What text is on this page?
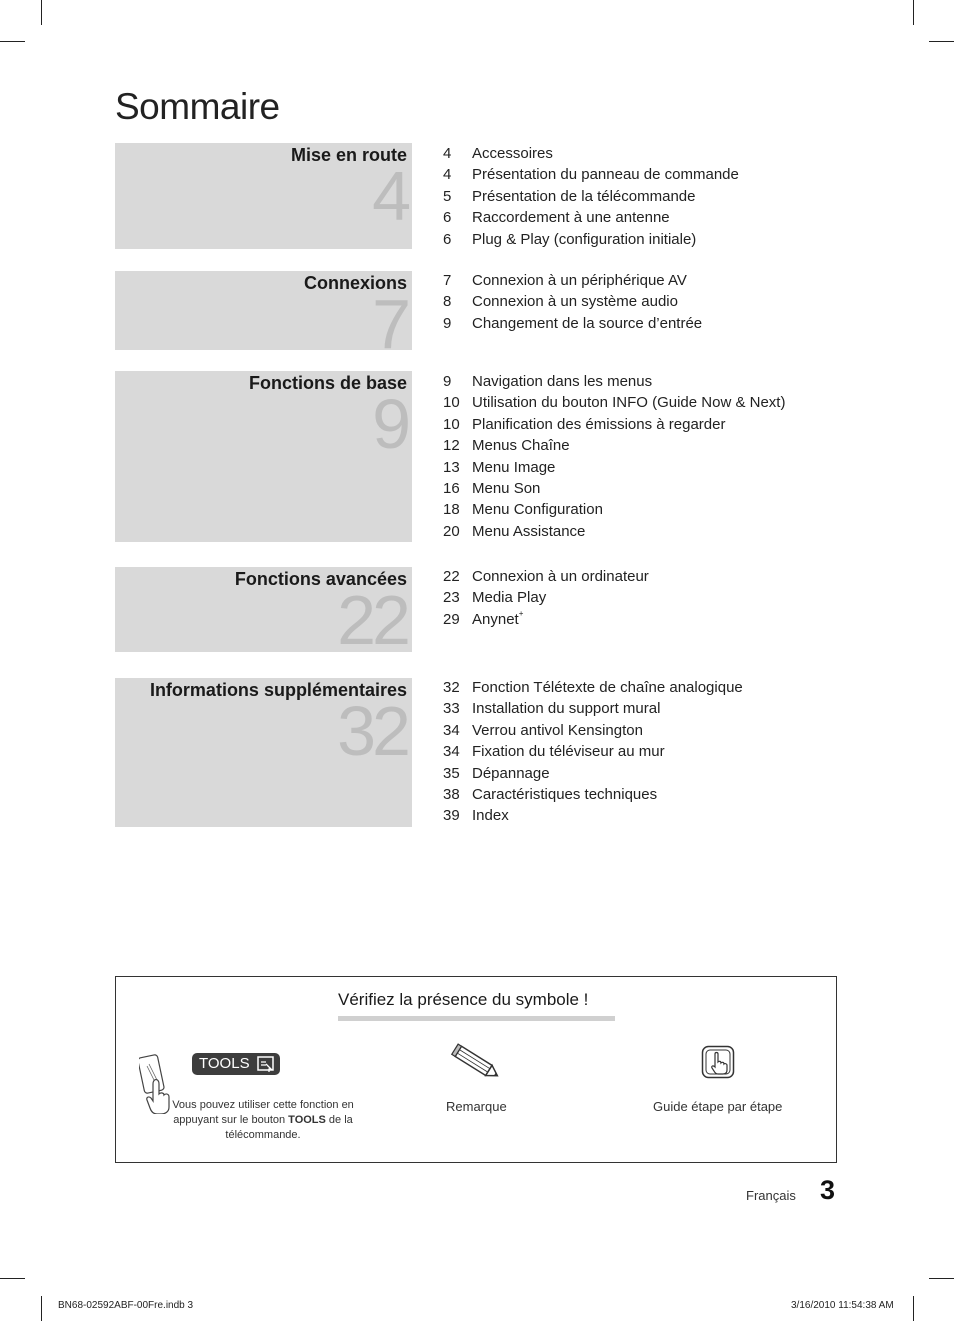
Sommaire
Mise en route
4
4 Accessoires
4 Présentation du panneau de commande
5 Présentation de la télécommande
6 Raccordement à une antenne
6 Plug & Play (configuration initiale)
Connexions
7
7 Connexion à un périphérique AV
8 Connexion à un système audio
9 Changement de la source d’entrée
Fonctions de base
9
9 Navigation dans les menus
10 Utilisation du bouton INFO (Guide Now & Next)
10 Planification des émissions à regarder
12 Menus Chaîne
13 Menu Image
16 Menu Son
18 Menu Configuration
20 Menu Assistance
Fonctions avancées
22
22 Connexion à un ordinateur
23 Media Play
29 Anynet+
Informations supplémentaires
32
32 Fonction Télétexte de chaîne analogique
33 Installation du support mural
34 Verrou antivol Kensington
34 Fixation du téléviseur au mur
35 Dépannage
38 Caractéristiques techniques
39 Index
Vérifiez la présence du symbole !
TOOLS
Vous pouvez utiliser cette fonction en appuyant sur le bouton TOOLS de la télécommande.
Remarque	Guide étape par étape
Français 3
BN68-02592ABF-00Fre.indb 3	3/16/2010 11:54:38 AM
